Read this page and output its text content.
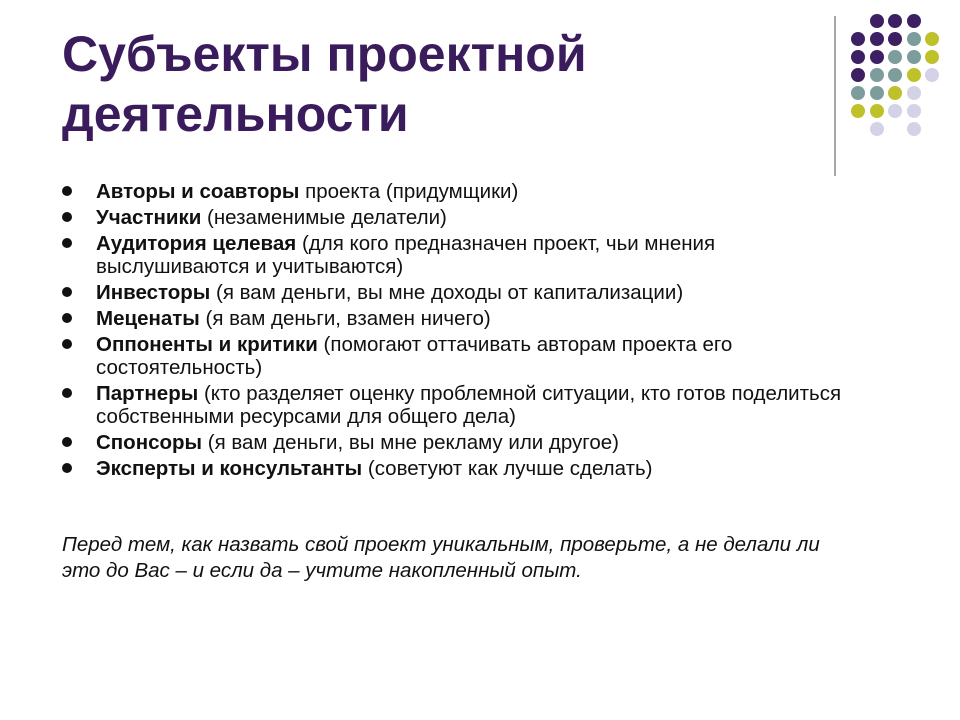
Субъекты проектной деятельности
Авторы и соавторы проекта (придумщики)
Участники (незаменимые делатели)
Аудитория целевая (для кого предназначен проект, чьи мнения выслушиваются и учитываются)
Инвесторы (я вам деньги, вы мне доходы от капитализации)
Меценаты (я вам деньги, взамен ничего)
Оппоненты и критики (помогают оттачивать авторам проекта его состоятельность)
Партнеры (кто разделяет оценку проблемной ситуации, кто готов поделиться собственными ресурсами для общего дела)
Спонсоры (я вам деньги, вы мне рекламу или другое)
Эксперты и консультанты (советуют как лучше сделать)

Перед тем, как назвать свой проект уникальным, проверьте, а не делали ли это до Вас – и если да – учтите накопленный опыт.
